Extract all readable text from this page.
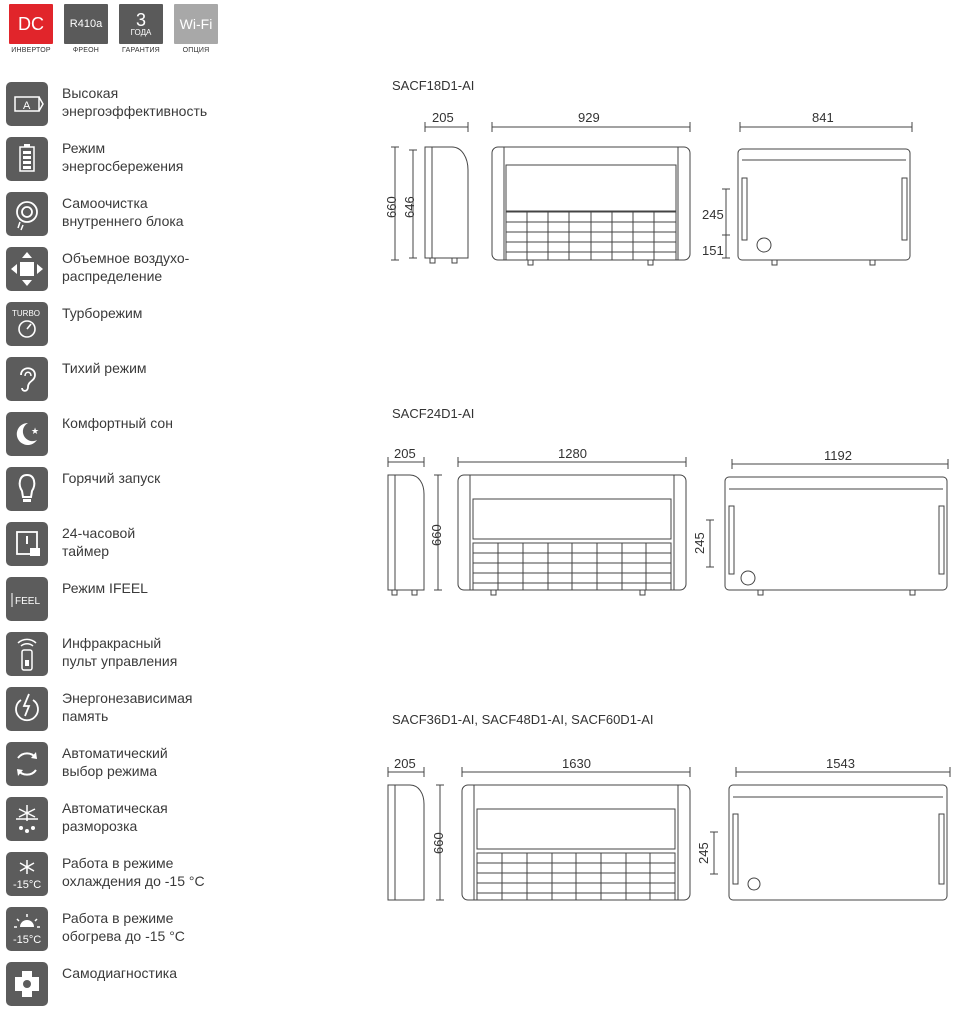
DC
ИНВЕРТОР
R410a
ФРЕОН
3
ГОДА
ГАРАНТИЯ
Wi-Fi
ОПЦИЯ
A
Высокая
энергоэффективность
Режим
энергосбережения
Самоочистка
внутреннего блока
Объемное воздухо-
распределение
TURBO Турборежим
Тихий режим
★ Комфортный сон
Горячий запуск
24-часовой
таймер
FEEL
Режим IFEEL
Инфракрасный
пульт управления
Энергонезависимая
память
Автоматический
выбор режима
Автоматическая
разморозка
-15°C
Работа в режиме
охлаждения до -15 °С
-15°C
Работа в режиме
обогрева до -15 °С
Самодиагностика
SACF18D1-AI
205	929	841
660 646	245
151
SACF24D1-AI
205	1280	1192
660	245
SACF36D1-AI, SACF48D1-AI, SACF60D1-AI
205	1630	1543
660	245
